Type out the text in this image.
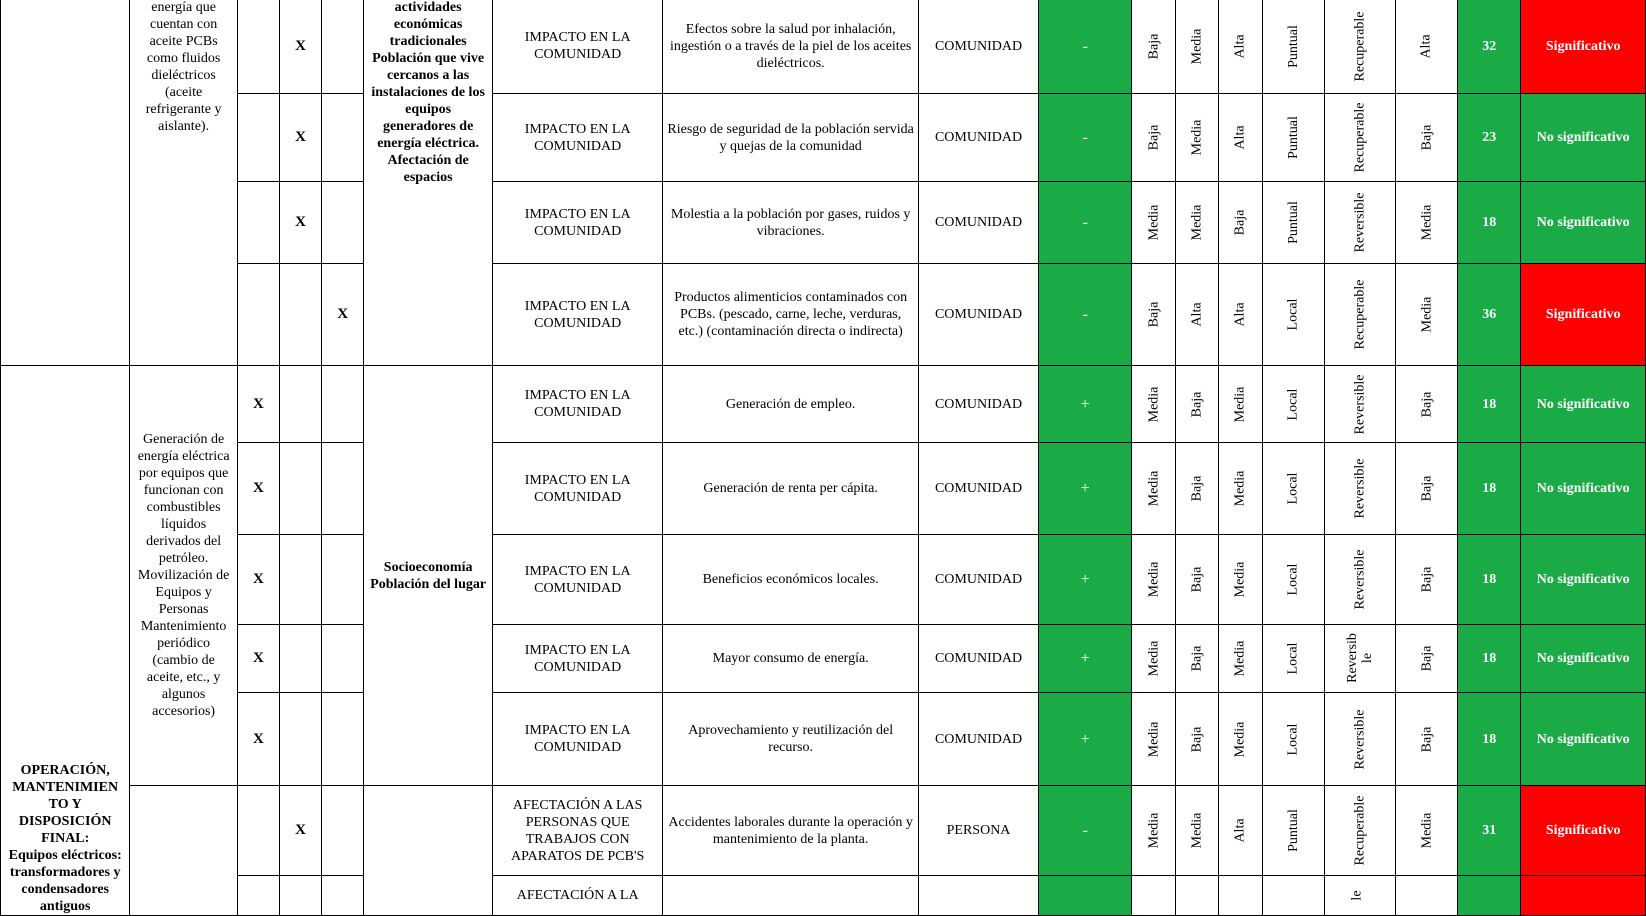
	energía que cuentan con aceite PCBs como fluidos dieléctricos (aceite refrigerante y aislante).		X		actividades económicas tradicionales Población que vive cercanos a las instalaciones de los equipos generadores de energía eléctrica. Afectación de espacios	IMPACTO EN LA COMUNIDAD	Efectos sobre la salud por inhalación, ingestión o a través de la piel de los aceites dieléctricos.	COMUNIDAD	-	Baja	Media	Alta	Puntual	Recuperable	Alta	32	Significativo
			X			IMPACTO EN LA COMUNIDAD	Riesgo de seguridad de la población servida y quejas de la comunidad	COMUNIDAD	-	Baja	Media	Alta	Puntual	Recuperable	Baja	23	No significativo
			X			IMPACTO EN LA COMUNIDAD	Molestia a la población por gases, ruidos y vibraciones.	COMUNIDAD	-	Media	Media	Baja	Puntual	Reversible	Media	18	No significativo
				X		IMPACTO EN LA COMUNIDAD	Productos alimenticios contaminados con PCBs. (pescado, carne, leche, verduras, etc.) (contaminación directa o indirecta)	COMUNIDAD	-	Baja	Alta	Alta	Local	Recuperable	Media	36	Significativo

OPERACIÓN, MANTENIMIEN TO Y DISPOSICIÓN FINAL:
Equipos eléctricos: transformadores y condensadores antiguos	Generación de energía eléctrica por equipos que funcionan con combustibles líquidos derivados del petróleo. Movilización de Equipos y Personas Mantenimiento periódico (cambio de aceite, etc., y algunos accesorios)	X			Socioeconomía Población del lugar	IMPACTO EN LA COMUNIDAD	Generación de empleo.	COMUNIDAD	+	Media	Baja	Media	Local	Reversible	Baja	18	No significativo
		X				IMPACTO EN LA COMUNIDAD	Generación de renta per cápita.	COMUNIDAD	+	Media	Baja	Media	Local	Reversible	Baja	18	No significativo
		X				IMPACTO EN LA COMUNIDAD	Beneficios económicos locales.	COMUNIDAD	+	Media	Baja	Media	Local	Reversible	Baja	18	No significativo
		X				IMPACTO EN LA COMUNIDAD	Mayor consumo de energía.	COMUNIDAD	+	Media	Baja	Media	Local	Reversib le	Baja	18	No significativo
		X				IMPACTO EN LA COMUNIDAD	Aprovechamiento y reutilización del recurso.	COMUNIDAD	+	Media	Baja	Media	Local	Reversible	Baja	18	No significativo
			X			AFECTACIÓN A LAS PERSONAS QUE TRABAJOS CON APARATOS DE PCB'S	Accidentes laborales durante la operación y mantenimiento de la planta.	PERSONA	-	Media	Media	Alta	Puntual	Recuperable	Media	31	Significativo
						AFECTACIÓN A LA								le			
